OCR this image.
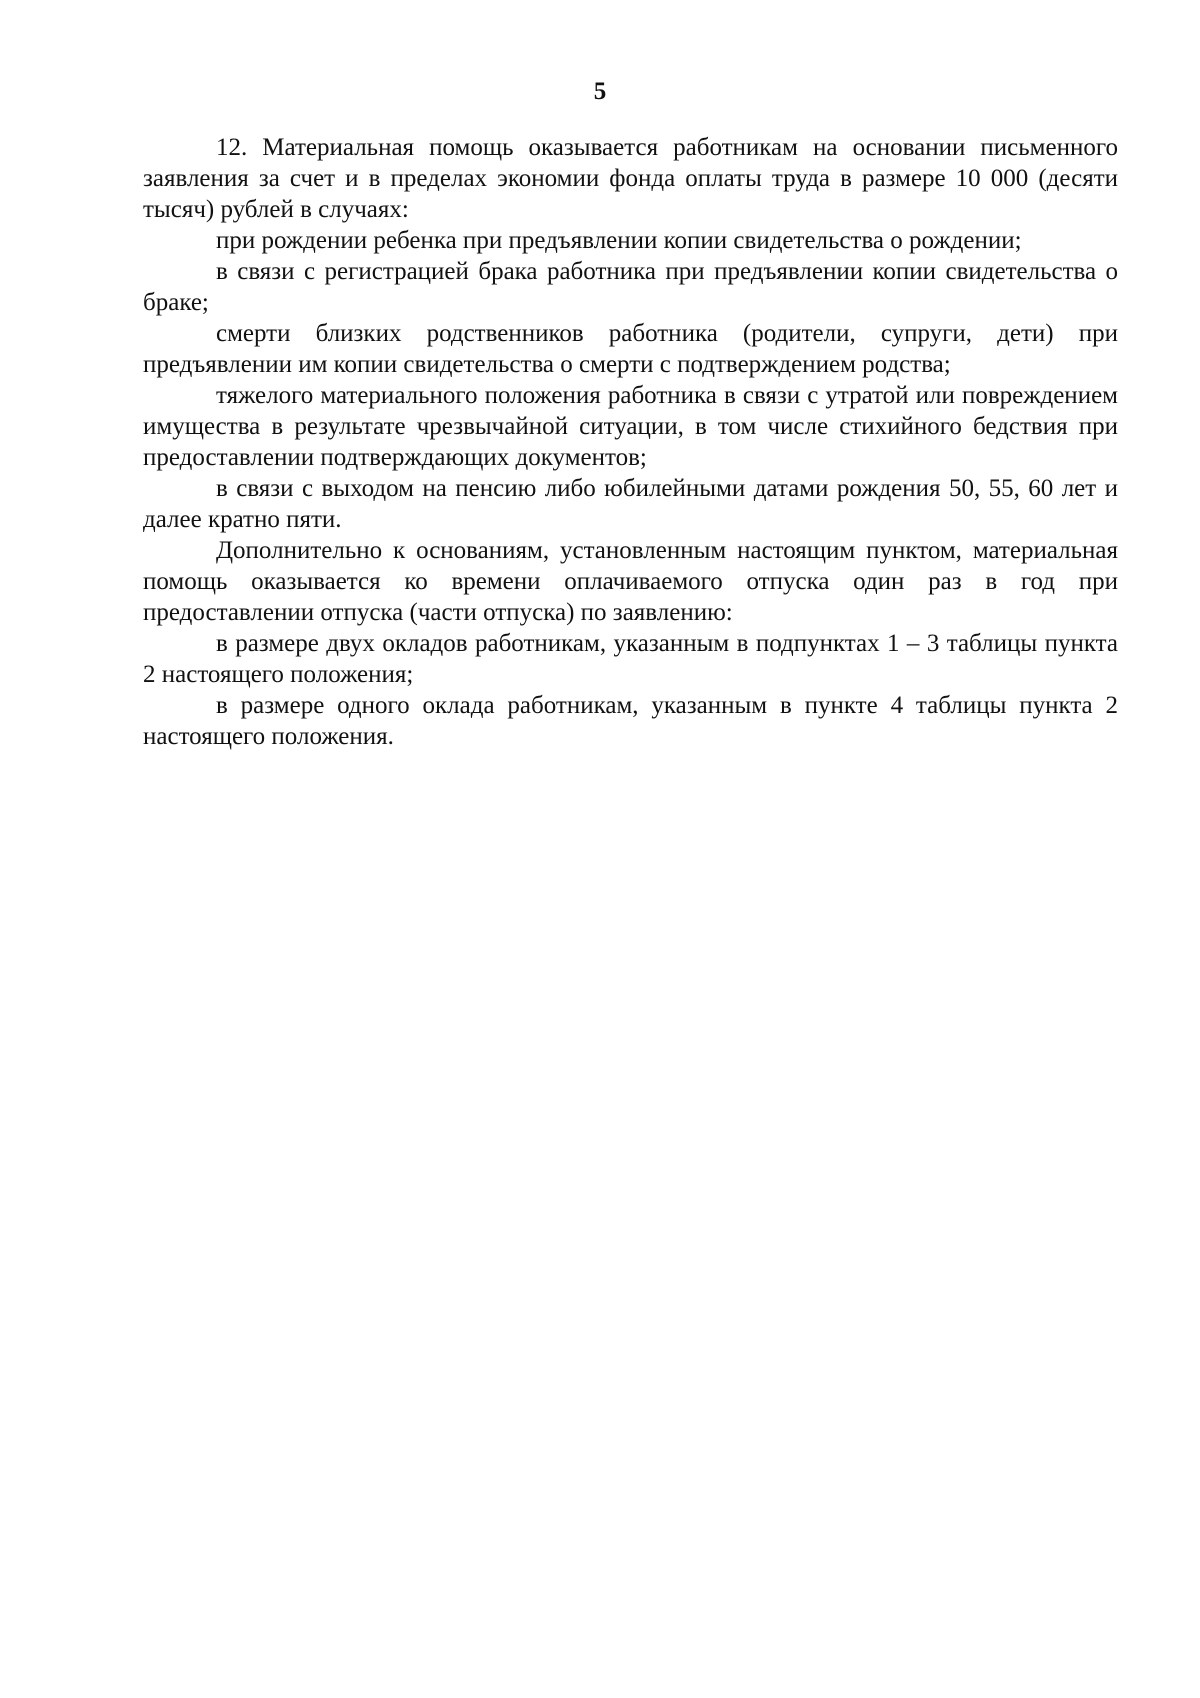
5

12. Материальная помощь оказывается работникам на основании письменного заявления за счет и в пределах экономии фонда оплаты труда в размере 10 000 (десяти тысяч) рублей в случаях:

при рождении ребенка при предъявлении копии свидетельства о рождении;

в связи с регистрацией брака работника при предъявлении копии свидетельства о браке;

смерти близких родственников работника (родители, супруги, дети) при предъявлении им копии свидетельства о смерти с подтверждением родства;

тяжелого материального положения работника в связи с утратой или повреждением имущества в результате чрезвычайной ситуации, в том числе стихийного бедствия при предоставлении подтверждающих документов;

в связи с выходом на пенсию либо юбилейными датами рождения 50, 55, 60 лет и далее кратно пяти.

Дополнительно к основаниям, установленным настоящим пунктом, материальная помощь оказывается ко времени оплачиваемого отпуска один раз в год при предоставлении отпуска (части отпуска) по заявлению:

в размере двух окладов работникам, указанным в подпунктах 1 – 3 таблицы пункта 2 настоящего положения;

в размере одного оклада работникам, указанным в пункте 4 таблицы пункта 2 настоящего положения.
